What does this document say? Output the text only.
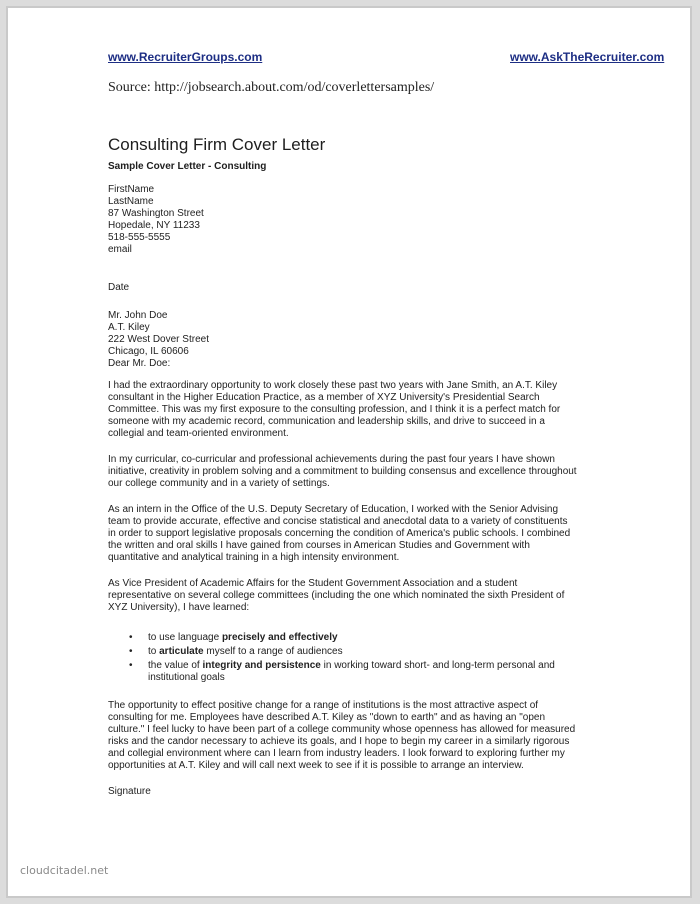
www.RecruiterGroups.com	www.AskTheRecruiter.com
Source: http://jobsearch.about.com/od/coverlettersamples/
Consulting Firm Cover Letter
Sample Cover Letter - Consulting
FirstName
LastName
87 Washington Street
Hopedale, NY 11233
518-555-5555
email
Date
Mr. John Doe
A.T. Kiley
222 West Dover Street
Chicago, IL 60606
Dear Mr. Doe:
I had the extraordinary opportunity to work closely these past two years with Jane Smith, an A.T. Kiley consultant in the Higher Education Practice, as a member of XYZ University's Presidential Search Committee. This was my first exposure to the consulting profession, and I think it is a perfect match for someone with my academic record, communication and leadership skills, and drive to succeed in a collegial and team-oriented environment.
In my curricular, co-curricular and professional achievements during the past four years I have shown initiative, creativity in problem solving and a commitment to building consensus and excellence throughout our college community and in a variety of settings.
As an intern in the Office of the U.S. Deputy Secretary of Education, I worked with the Senior Advising team to provide accurate, effective and concise statistical and anecdotal data to a variety of constituents in order to support legislative proposals concerning the condition of America's public schools. I combined the written and oral skills I have gained from courses in American Studies and Government with quantitative and analytical training in a high intensity environment.
As Vice President of Academic Affairs for the Student Government Association and a student representative on several college committees (including the one which nominated the sixth President of XYZ University), I have learned:
• to use language precisely and effectively
• to articulate myself to a range of audiences
• the value of integrity and persistence in working toward short- and long-term personal and institutional goals
The opportunity to effect positive change for a range of institutions is the most attractive aspect of consulting for me. Employees have described A.T. Kiley as "down to earth" and as having an "open culture." I feel lucky to have been part of a college community whose openness has allowed for measured risks and the candor necessary to achieve its goals, and I hope to begin my career in a similarly rigorous and collegial environment where can I learn from industry leaders. I look forward to exploring further my opportunities at A.T. Kiley and will call next week to see if it is possible to arrange an interview.
Signature
cloudcitadel.net
